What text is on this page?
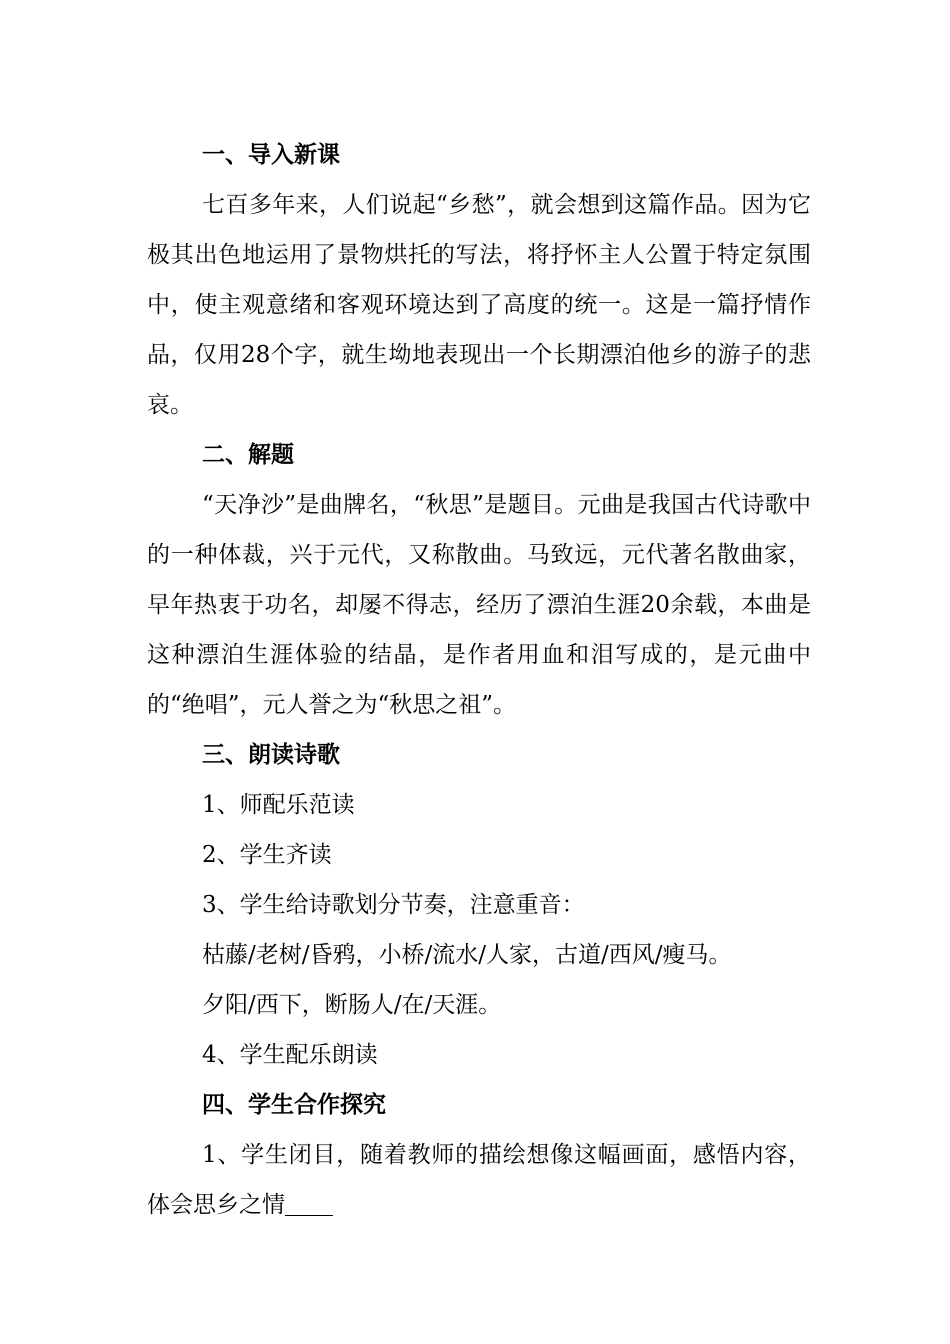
一、导入新课

七百多年来，人们说起“乡愁”，就会想到这篇作品。因为它极其出色地运用了景物烘托的写法，将抒怀主人公置于特定氛围中，使主观意绪和客观环境达到了高度的统一。这是一篇抒情作品，仅用28个字，就生坳地表现出一个长期漂泊他乡的游子的悲哀。

二、解题

“天净沙”是曲牌名，“秋思”是题目。元曲是我国古代诗歌中的一种体裁，兴于元代，又称散曲。马致远，元代著名散曲家，早年热衷于功名，却屡不得志，经历了漂泊生涯20余载，本曲是这种漂泊生涯体验的结晶，是作者用血和泪写成的，是元曲中的“绝唱”，元人誉之为“秋思之祖”。

三、朗读诗歌
1、师配乐范读
2、学生齐读
3、学生给诗歌划分节奏，注意重音：
枯藤/老树/昏鸦，小桥/流水/人家，古道/西风/瘦马。
夕阳/西下，断肠人/在/天涯。
4、学生配乐朗读
四、学生合作探究

1、学生闭目，随着教师的描绘想像这幅画面，感悟内容，体会思乡之情
